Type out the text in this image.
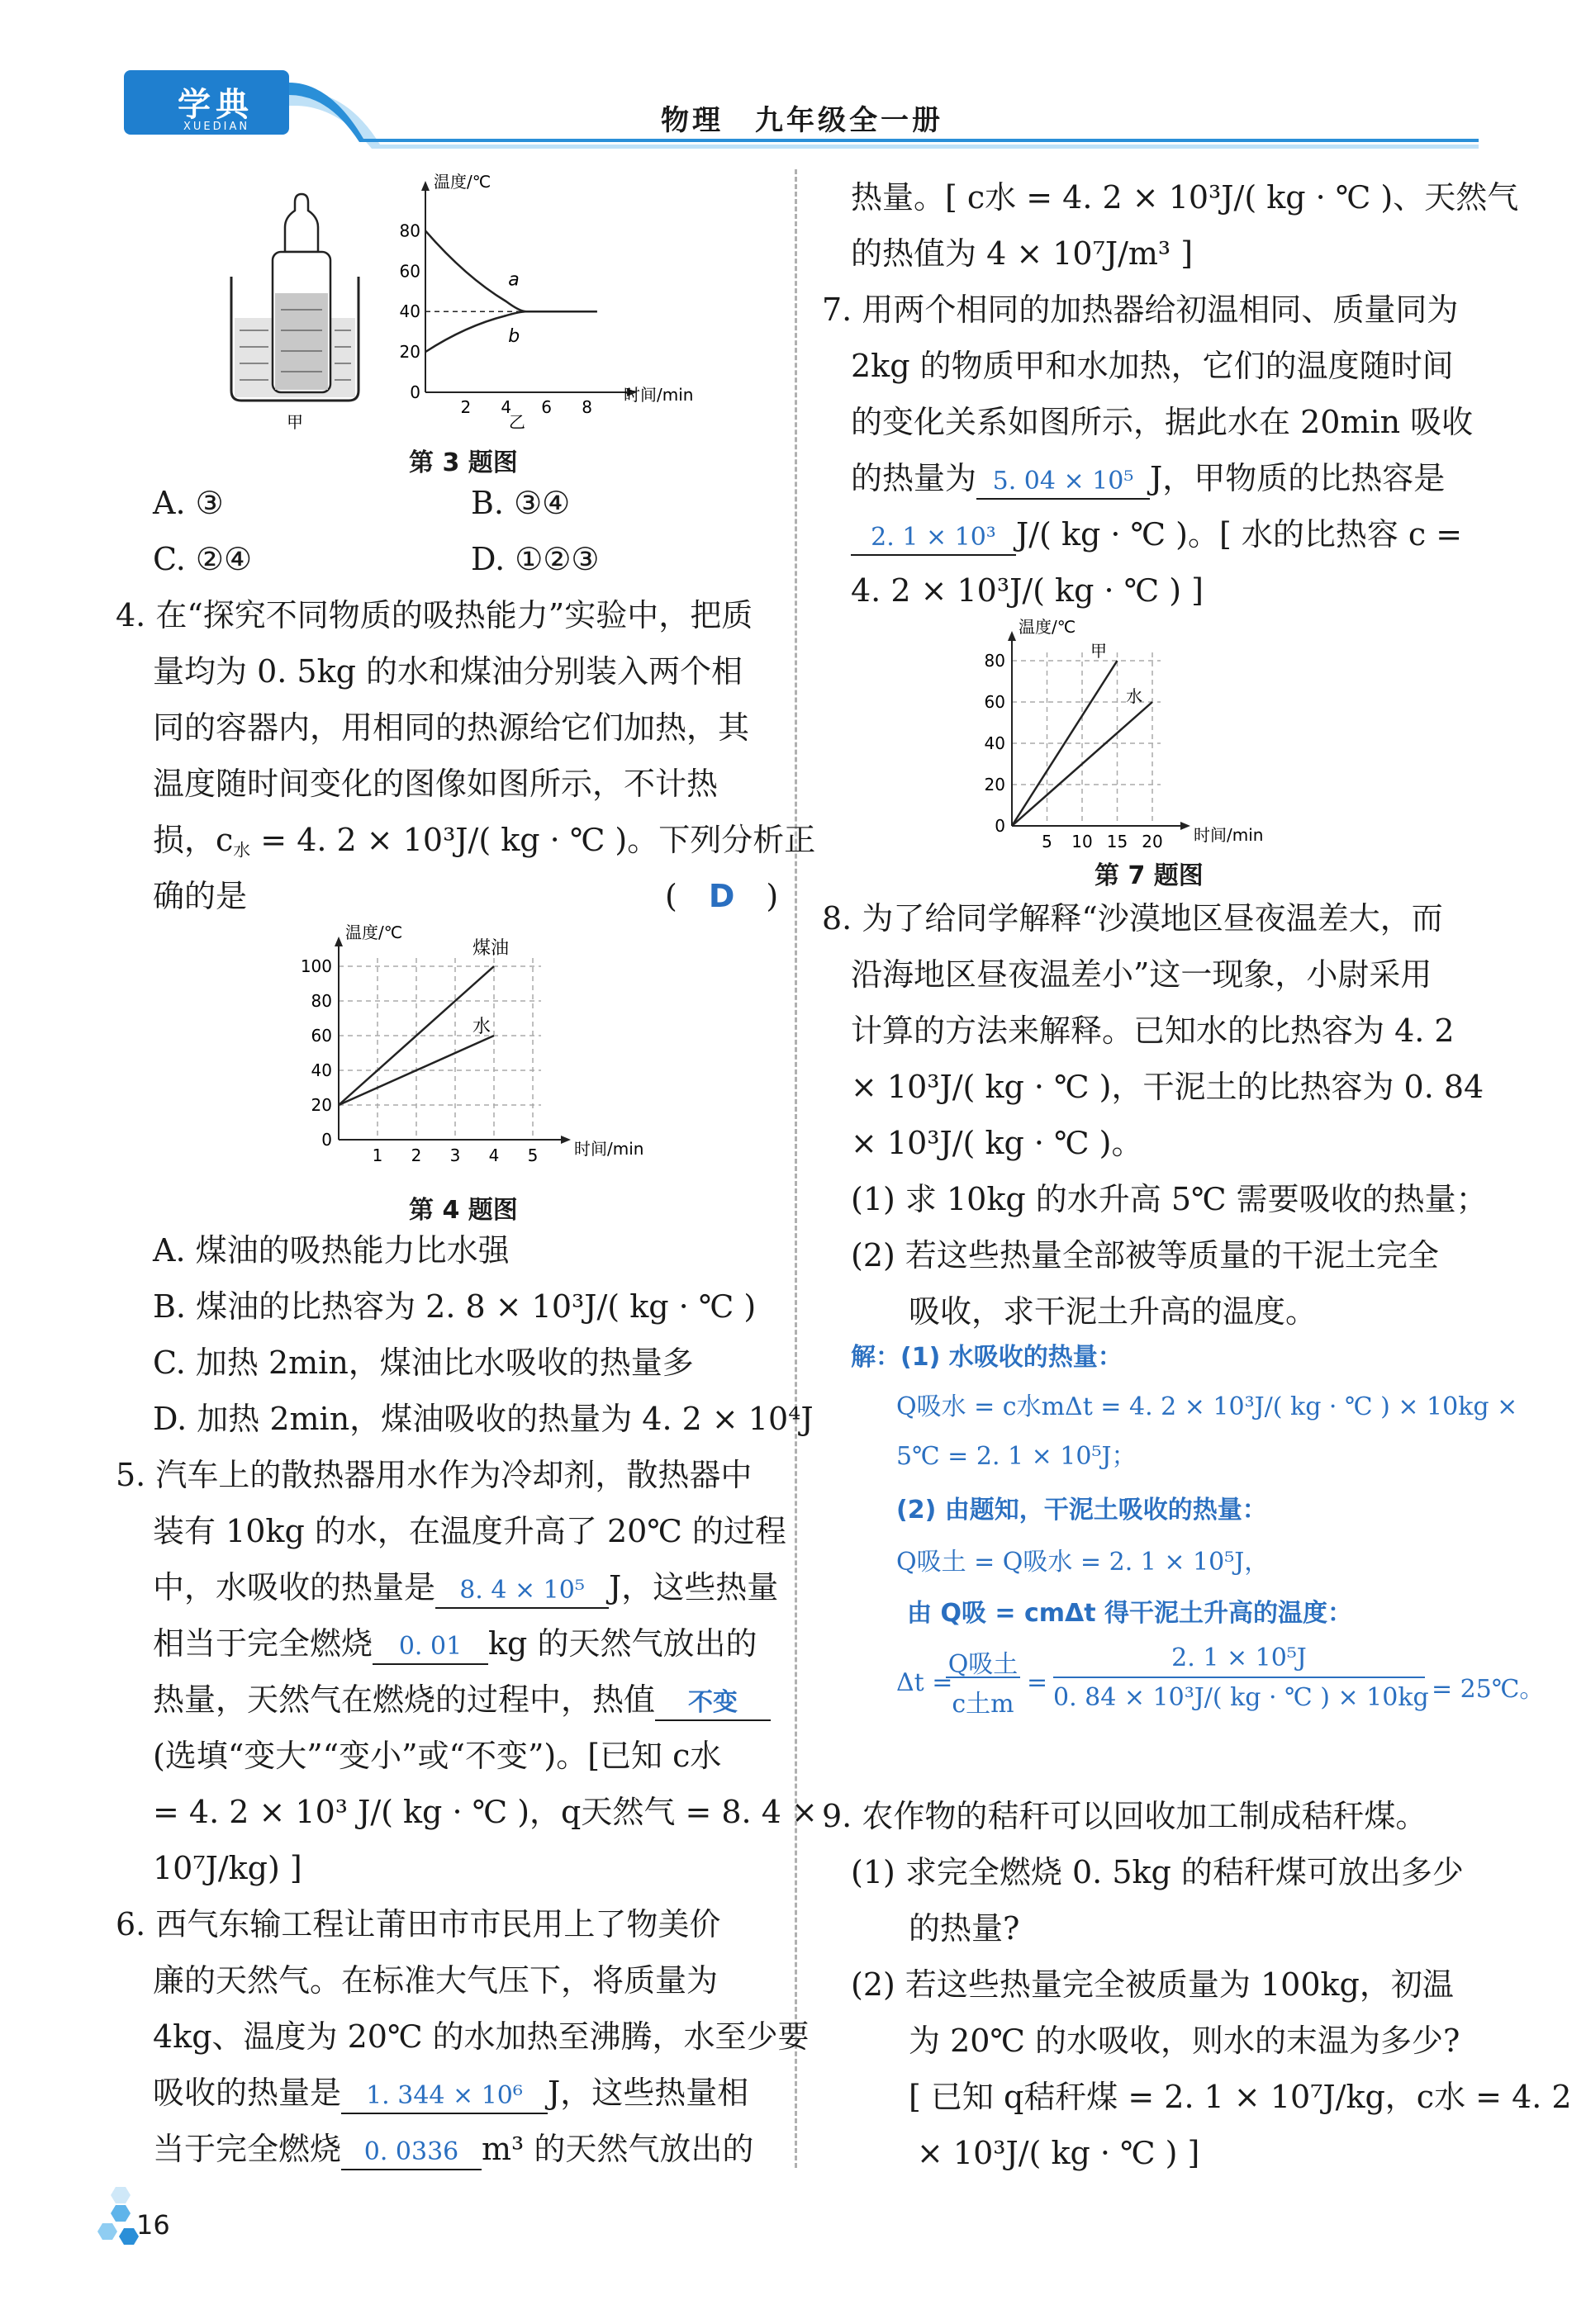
学典
XUEDIAN	物理　九年级全一册
甲
温度/℃
时间/min
80
60
40
20
0
2 4 6 8
a
b
乙
第 3 题图
A. ③	B. ③④
C. ②④	D. ①②③
4. 在“探究不同物质的吸热能力”实验中，把质
量均为 0. 5kg 的水和煤油分别装入两个相
同的容器内，用相同的热源给它们加热，其
温度随时间变化的图像如图所示，不计热
损，$c_水 = 4$. 2 × 10³J/( kg · ℃ )。下列分析正
确的是	(　 D　 )
温度/℃
时间/min
0
20
40
60
80
100
1 2 3 4 5
煤油
水
第 4 题图
A. 煤油的吸热能力比水强
B. 煤油的比热容为 2. 8 × 10³J/( kg · ℃ )
C. 加热 2min，煤油比水吸收的热量多
D. 加热 2min，煤油吸收的热量为 4. 2 × 10⁴J
5. 汽车上的散热器用水作为冷却剂，散热器中
装有 10kg 的水，在温度升高了 20℃ 的过程
中，水吸收的热量是 8. 4 × 10⁵ J，这些热量
相当于完全燃烧 0. 01 kg 的天然气放出的
热量，天然气在燃烧的过程中，热值 不变
(选填“变大”“变小”或“不变”)。[已知 c水
= 4. 2 × 10³ J/( kg · ℃ )，q天然气 = 8. 4 ×
10⁷J/kg) ]
6. 西气东输工程让莆田市市民用上了物美价
廉的天然气。在标准大气压下，将质量为
4kg、温度为 20℃ 的水加热至沸腾，水至少要
吸收的热量是 1. 344 × 10⁶ J，这些热量相
当于完全燃烧 0. 0336 m³ 的天然气放出的
16
热量。[ c水 = 4. 2 × 10³J/( kg · ℃ )、天然气
的热值为 4 × 10⁷J/m³ ]
7. 用两个相同的加热器给初温相同、质量同为
2kg 的物质甲和水加热，它们的温度随时间
的变化关系如图所示，据此水在 20min 吸收
的热量为 5. 04 × 10⁵ J，甲物质的比热容是
2. 1 × 10³ J/( kg · ℃ )。[ 水的比热容 c =
4. 2 × 10³J/( kg · ℃ ) ]
温度/℃
时间/min
0
20
40
60
80
5 10 15 20
甲
水
第 7 题图
8. 为了给同学解释“沙漠地区昼夜温差大，而
沿海地区昼夜温差小”这一现象，小尉采用
计算的方法来解释。已知水的比热容为 4. 2
× 10³J/( kg · ℃ )，干泥土的比热容为 0. 84
× 10³J/( kg · ℃ )。
(1) 求 10kg 的水升高 5℃ 需要吸收的热量；
(2) 若这些热量全部被等质量的干泥土完全
吸收，求干泥土升高的温度。
解：(1) 水吸收的热量：
Q吸水 = c水mΔt = 4. 2 × 10³J/( kg · ℃ ) × 10kg ×
5℃ = 2. 1 × 10⁵J；
(2) 由题知，干泥土吸收的热量：
Q吸土 = Q吸水 = 2. 1 × 10⁵J，
由 Q吸 = cmΔt 得干泥土升高的温度：
Δt =
Q吸土
c土m
=
2. 1 × 10⁵J
0. 84 × 10³J/( kg · ℃ ) × 10kg = 25℃。
9. 农作物的秸秆可以回收加工制成秸秆煤。
(1) 求完全燃烧 0. 5kg 的秸秆煤可放出多少
的热量?
(2) 若这些热量完全被质量为 100kg，初温
为 20℃ 的水吸收，则水的末温为多少?
[ 已知 q秸秆煤 = 2. 1 × 10⁷J/kg，c水 = 4. 2
× 10³J/( kg · ℃ ) ]
